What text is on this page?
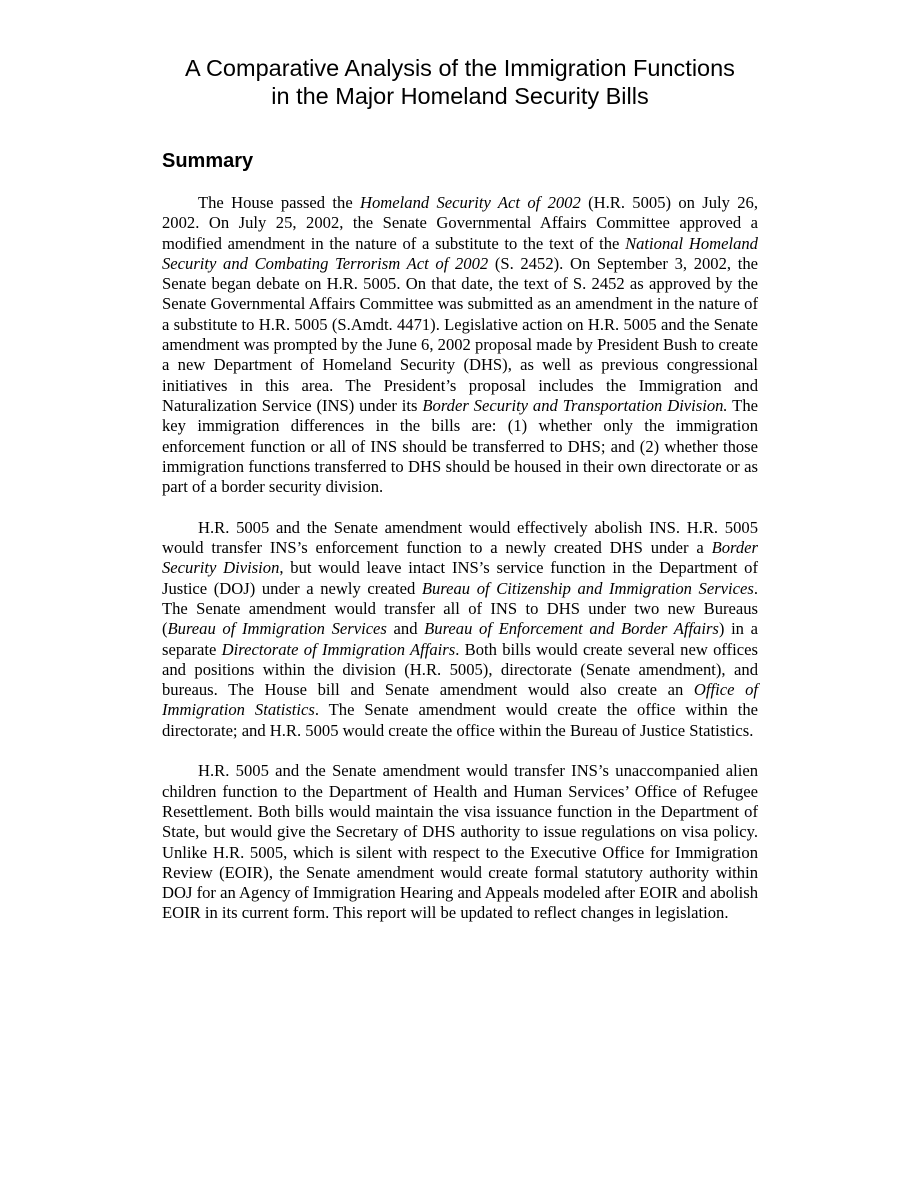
A Comparative Analysis of the Immigration Functions
in the Major Homeland Security Bills
Summary

The House passed the Homeland Security Act of 2002 (H.R. 5005) on July 26, 2002. On July 25, 2002, the Senate Governmental Affairs Committee approved a modified amendment in the nature of a substitute to the text of the National Homeland Security and Combating Terrorism Act of 2002 (S. 2452). On September 3, 2002, the Senate began debate on H.R. 5005. On that date, the text of S. 2452 as approved by the Senate Governmental Affairs Committee was submitted as an amendment in the nature of a substitute to H.R. 5005 (S.Amdt. 4471). Legislative action on H.R. 5005 and the Senate amendment was prompted by the June 6, 2002 proposal made by President Bush to create a new Department of Homeland Security (DHS), as well as previous congressional initiatives in this area. The President’s proposal includes the Immigration and Naturalization Service (INS) under its Border Security and Transportation Division. The key immigration differences in the bills are: (1) whether only the immigration enforcement function or all of INS should be transferred to DHS; and (2) whether those immigration functions transferred to DHS should be housed in their own directorate or as part of a border security division.

H.R. 5005 and the Senate amendment would effectively abolish INS. H.R. 5005 would transfer INS’s enforcement function to a newly created DHS under a Border Security Division, but would leave intact INS’s service function in the Department of Justice (DOJ) under a newly created Bureau of Citizenship and Immigration Services. The Senate amendment would transfer all of INS to DHS under two new Bureaus (Bureau of Immigration Services and Bureau of Enforcement and Border Affairs) in a separate Directorate of Immigration Affairs. Both bills would create several new offices and positions within the division (H.R. 5005), directorate (Senate amendment), and bureaus. The House bill and Senate amendment would also create an Office of Immigration Statistics. The Senate amendment would create the office within the directorate; and H.R. 5005 would create the office within the Bureau of Justice Statistics.

H.R. 5005 and the Senate amendment would transfer INS’s unaccompanied alien children function to the Department of Health and Human Services’ Office of Refugee Resettlement. Both bills would maintain the visa issuance function in the Department of State, but would give the Secretary of DHS authority to issue regulations on visa policy. Unlike H.R. 5005, which is silent with respect to the Executive Office for Immigration Review (EOIR), the Senate amendment would create formal statutory authority within DOJ for an Agency of Immigration Hearing and Appeals modeled after EOIR and abolish EOIR in its current form. This report will be updated to reflect changes in legislation.
